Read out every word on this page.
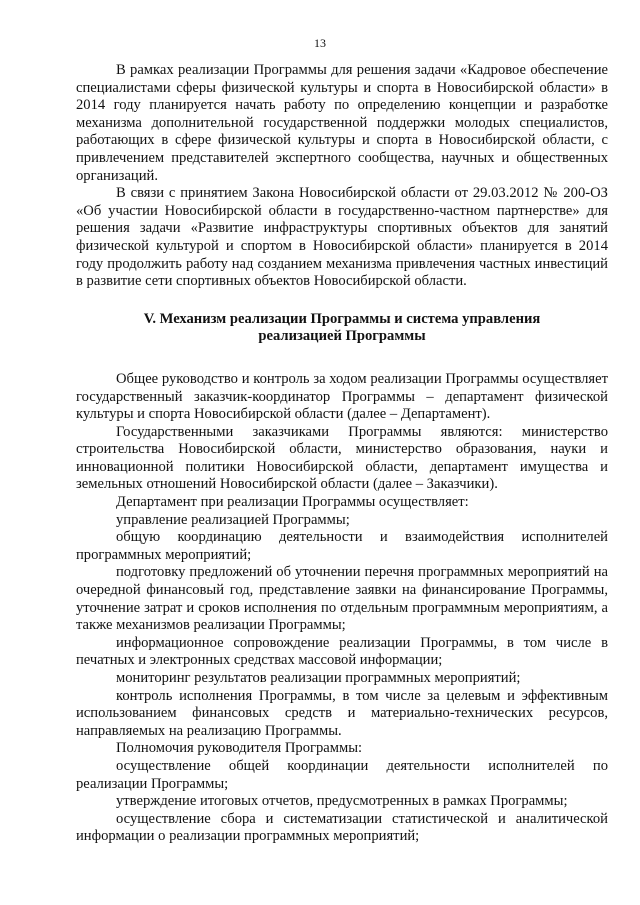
13

В рамках реализации Программы для решения задачи «Кадровое обеспечение специалистами сферы физической культуры и спорта в Новосибирской области» в 2014 году планируется начать работу по определению концепции и разработке механизма дополнительной государственной поддержки молодых специалистов, работающих в сфере физической культуры и спорта в Новосибирской области, с привлечением представителей экспертного сообщества, научных и общественных организаций.

В связи с принятием Закона Новосибирской области от 29.03.2012 № 200-ОЗ «Об участии Новосибирской области в государственно-частном партнерстве» для решения задачи «Развитие инфраструктуры спортивных объектов для занятий физической культурой и спортом в Новосибирской области» планируется в 2014 году продолжить работу над созданием механизма привлечения частных инвестиций в развитие сети спортивных объектов Новосибирской области.

V. Механизм реализации Программы и система управления
реализацией Программы

Общее руководство и контроль за ходом реализации Программы осуществляет государственный заказчик-координатор Программы – департамент физической культуры и спорта Новосибирской области (далее – Департамент).

Государственными заказчиками Программы являются: министерство строительства Новосибирской области, министерство образования, науки и инновационной политики Новосибирской области, департамент имущества и земельных отношений Новосибирской области (далее – Заказчики).

Департамент при реализации Программы осуществляет:

управление реализацией Программы;

общую координацию деятельности и взаимодействия исполнителей программных мероприятий;

подготовку предложений об уточнении перечня программных мероприятий на очередной финансовый год, представление заявки на финансирование Программы, уточнение затрат и сроков исполнения по отдельным программным мероприятиям, а также механизмов реализации Программы;

информационное сопровождение реализации Программы, в том числе в печатных и электронных средствах массовой информации;

мониторинг результатов реализации программных мероприятий;

контроль исполнения Программы, в том числе за целевым и эффективным использованием финансовых средств и материально-технических ресурсов, направляемых на реализацию Программы.

Полномочия руководителя Программы:

осуществление общей координации деятельности исполнителей по реализации Программы;

утверждение итоговых отчетов, предусмотренных в рамках Программы;

осуществление сбора и систематизации статистической и аналитической информации о реализации программных мероприятий;
